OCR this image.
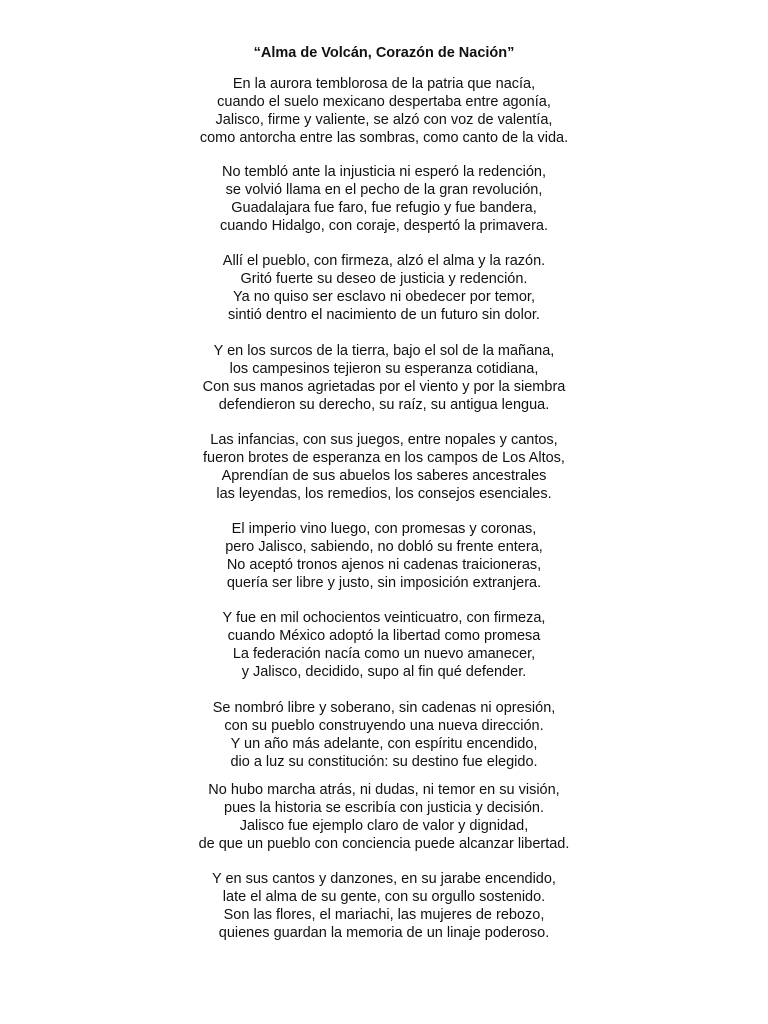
“Alma de Volcán, Corazón de Nación”
En la aurora temblorosa de la patria que nacía,
cuando el suelo mexicano despertaba entre agonía,
Jalisco, firme y valiente, se alzó con voz de valentía,
como antorcha entre las sombras, como canto de la vida.
No tembló ante la injusticia ni esperó la redención,
se volvió llama en el pecho de la gran revolución,
Guadalajara fue faro, fue refugio y fue bandera,
cuando Hidalgo, con coraje, despertó la primavera.
Allí el pueblo, con firmeza, alzó el alma y la razón.
Gritó fuerte su deseo de justicia y redención.
Ya no quiso ser esclavo ni obedecer por temor,
sintió dentro el nacimiento de un futuro sin dolor.
Y en los surcos de la tierra, bajo el sol de la mañana,
los campesinos tejieron su esperanza cotidiana,
Con sus manos agrietadas por el viento y por la siembra
defendieron su derecho, su raíz, su antigua lengua.
Las infancias, con sus juegos, entre nopales y cantos,
fueron brotes de esperanza en los campos de Los Altos,
Aprendían de sus abuelos los saberes ancestrales
las leyendas, los remedios, los consejos esenciales.
El imperio vino luego, con promesas y coronas,
pero Jalisco, sabiendo, no dobló su frente entera,
No aceptó tronos ajenos ni cadenas traicioneras,
quería ser libre y justo, sin imposición extranjera.
Y fue en mil ochocientos veinticuatro, con firmeza,
cuando México adoptó la libertad como promesa
La federación nacía como un nuevo amanecer,
y Jalisco, decidido, supo al fin qué defender.
Se nombró libre y soberano, sin cadenas ni opresión,
con su pueblo construyendo una nueva dirección.
Y un año más adelante, con espíritu encendido,
dio a luz su constitución: su destino fue elegido.
No hubo marcha atrás, ni dudas, ni temor en su visión,
pues la historia se escribía con justicia y decisión.
Jalisco fue ejemplo claro de valor y dignidad,
de que un pueblo con conciencia puede alcanzar libertad.
Y en sus cantos y danzones, en su jarabe encendido,
late el alma de su gente, con su orgullo sostenido.
Son las flores, el mariachi, las mujeres de rebozo,
quienes guardan la memoria de un linaje poderoso.
